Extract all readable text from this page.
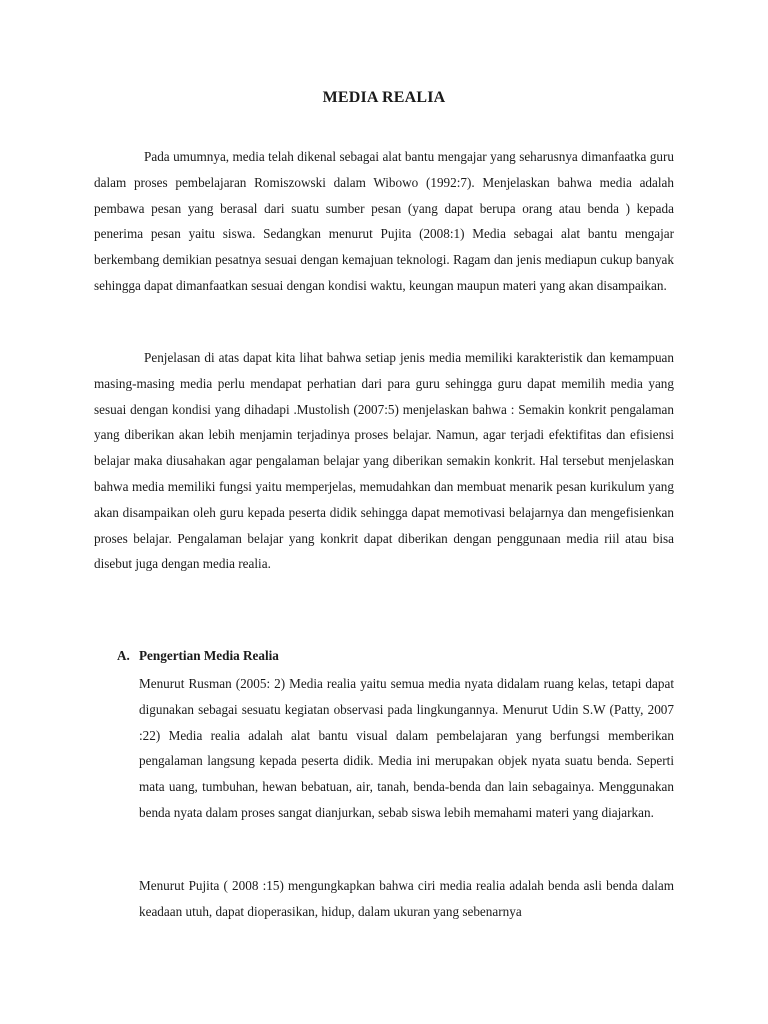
MEDIA REALIA

Pada umumnya, media telah dikenal sebagai alat bantu mengajar yang seharusnya dimanfaatka guru dalam proses pembelajaran Romiszowski dalam Wibowo (1992:7). Menjelaskan bahwa media adalah pembawa pesan yang berasal dari suatu sumber pesan (yang dapat berupa orang atau benda ) kepada penerima pesan yaitu siswa. Sedangkan menurut Pujita (2008:1) Media sebagai alat bantu mengajar berkembang demikian pesatnya sesuai dengan kemajuan teknologi. Ragam dan jenis mediapun cukup banyak sehingga dapat dimanfaatkan sesuai dengan kondisi waktu, keungan maupun materi yang akan disampaikan.

Penjelasan di atas dapat kita lihat bahwa setiap jenis media memiliki karakteristik dan kemampuan masing-masing media perlu mendapat perhatian dari para guru sehingga guru dapat memilih media yang sesuai dengan kondisi yang dihadapi .Mustolish (2007:5) menjelaskan bahwa : Semakin konkrit pengalaman yang diberikan akan lebih menjamin terjadinya proses belajar. Namun, agar terjadi efektifitas dan efisiensi belajar maka diusahakan agar pengalaman belajar yang diberikan semakin konkrit. Hal tersebut menjelaskan bahwa media memiliki fungsi yaitu memperjelas, memudahkan dan membuat menarik pesan kurikulum yang akan disampaikan oleh guru kepada peserta didik sehingga dapat memotivasi belajarnya dan mengefisienkan proses belajar. Pengalaman belajar yang konkrit dapat diberikan dengan penggunaan media riil atau bisa disebut juga dengan media realia.

A. Pengertian Media Realia

Menurut Rusman (2005: 2) Media realia yaitu semua media nyata didalam ruang kelas, tetapi dapat digunakan sebagai sesuatu kegiatan observasi pada lingkungannya. Menurut Udin S.W (Patty, 2007 :22) Media realia adalah alat bantu visual dalam pembelajaran yang berfungsi memberikan pengalaman langsung kepada peserta didik. Media ini merupakan objek nyata suatu benda. Seperti mata uang, tumbuhan, hewan bebatuan, air, tanah, benda-benda dan lain sebagainya. Menggunakan benda nyata dalam proses sangat dianjurkan, sebab siswa lebih memahami materi yang diajarkan.

Menurut Pujita ( 2008 :15) mengungkapkan bahwa ciri media realia adalah benda asli benda dalam keadaan utuh, dapat dioperasikan, hidup, dalam ukuran yang sebenarnya
